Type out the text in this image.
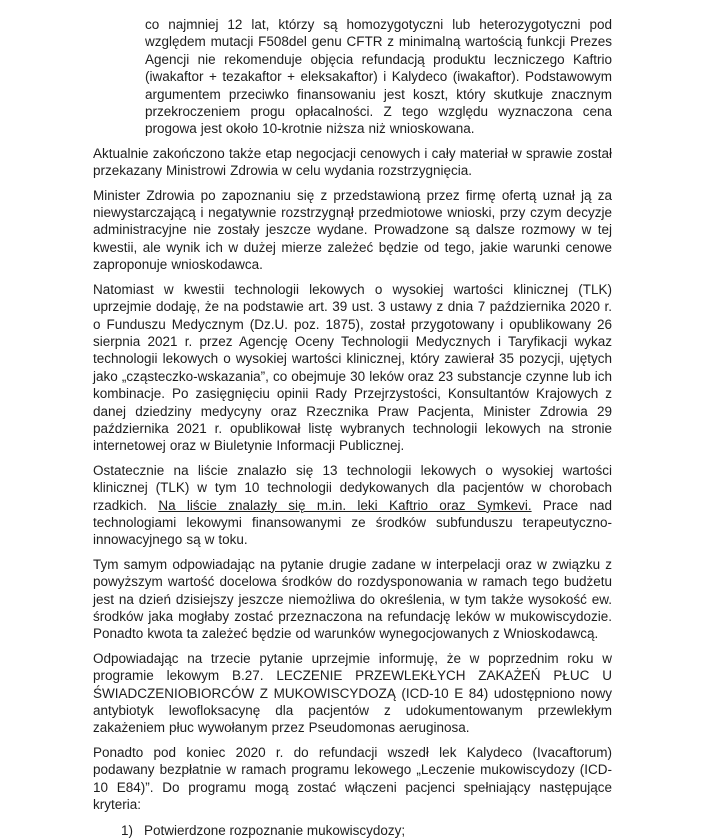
co najmniej 12 lat, którzy są homozygotyczni lub heterozygotyczni pod względem mutacji F508del genu CFTR z minimalną wartością funkcji Prezes Agencji nie rekomenduje objęcia refundacją produktu leczniczego Kaftrio (iwakaftor + tezakaftor + eleksakaftor) i Kalydeco (iwakaftor). Podstawowym argumentem przeciwko finansowaniu jest koszt, który skutkuje znacznym przekroczeniem progu opłacalności. Z tego względu wyznaczona cena progowa jest około 10-krotnie niższa niż wnioskowana.

Aktualnie zakończono także etap negocjacji cenowych i cały materiał w sprawie został przekazany Ministrowi Zdrowia w celu wydania rozstrzygnięcia.

Minister Zdrowia po zapoznaniu się z przedstawioną przez firmę ofertą uznał ją za niewystarczającą i negatywnie rozstrzygnął przedmiotowe wnioski, przy czym decyzje administracyjne nie zostały jeszcze wydane. Prowadzone są dalsze rozmowy w tej kwestii, ale wynik ich w dużej mierze zależeć będzie od tego, jakie warunki cenowe zaproponuje wnioskodawca.

Natomiast w kwestii technologii lekowych o wysokiej wartości klinicznej (TLK) uprzejmie dodaję, że na podstawie art. 39 ust. 3 ustawy z dnia 7 października 2020 r. o Funduszu Medycznym (Dz.U. poz. 1875), został przygotowany i opublikowany 26 sierpnia 2021 r. przez Agencję Oceny Technologii Medycznych i Taryfikacji wykaz technologii lekowych o wysokiej wartości klinicznej, który zawierał 35 pozycji, ujętych jako „cząsteczko-wskazania”, co obejmuje 30 leków oraz 23 substancje czynne lub ich kombinacje. Po zasięgnięciu opinii Rady Przejrzystości, Konsultantów Krajowych z danej dziedziny medycyny oraz Rzecznika Praw Pacjenta, Minister Zdrowia 29 października 2021 r. opublikował listę wybranych technologii lekowych na stronie internetowej oraz w Biuletynie Informacji Publicznej.

Ostatecznie na liście znalazło się 13 technologii lekowych o wysokiej wartości klinicznej (TLK) w tym 10 technologii dedykowanych dla pacjentów w chorobach rzadkich. Na liście znalazły się m.in. leki Kaftrio oraz Symkevi. Prace nad technologiami lekowymi finansowanymi ze środków subfunduszu terapeutyczno-innowacyjnego są w toku.

Tym samym odpowiadając na pytanie drugie zadane w interpelacji oraz w związku z powyższym wartość docelowa środków do rozdysponowania w ramach tego budżetu jest na dzień dzisiejszy jeszcze niemożliwa do określenia, w tym także wysokość ew. środków jaka mogłaby zostać przeznaczona na refundację leków w mukowiscydozie. Ponadto kwota ta zależeć będzie od warunków wynegocjowanych z Wnioskodawcą.

Odpowiadając na trzecie pytanie uprzejmie informuję, że w poprzednim roku w programie lekowym B.27. LECZENIE PRZEWLEKŁYCH ZAKAŻEŃ PŁUC U ŚWIADCZENIOBIORCÓW Z MUKOWISCYDOZĄ (ICD-10 E 84) udostępniono nowy antybiotyk lewofloksacynę dla pacjentów z udokumentowanym przewlekłym zakażeniem płuc wywołanym przez Pseudomonas aeruginosa.

Ponadto pod koniec 2020 r. do refundacji wszedł lek Kalydeco (Ivacaftorum) podawany bezpłatnie w ramach programu lekowego „Leczenie mukowiscydozy (ICD-10 E84)”. Do programu mogą zostać włączeni pacjenci spełniający następujące kryteria:

1) Potwierdzone rozpoznanie mukowiscydozy;
